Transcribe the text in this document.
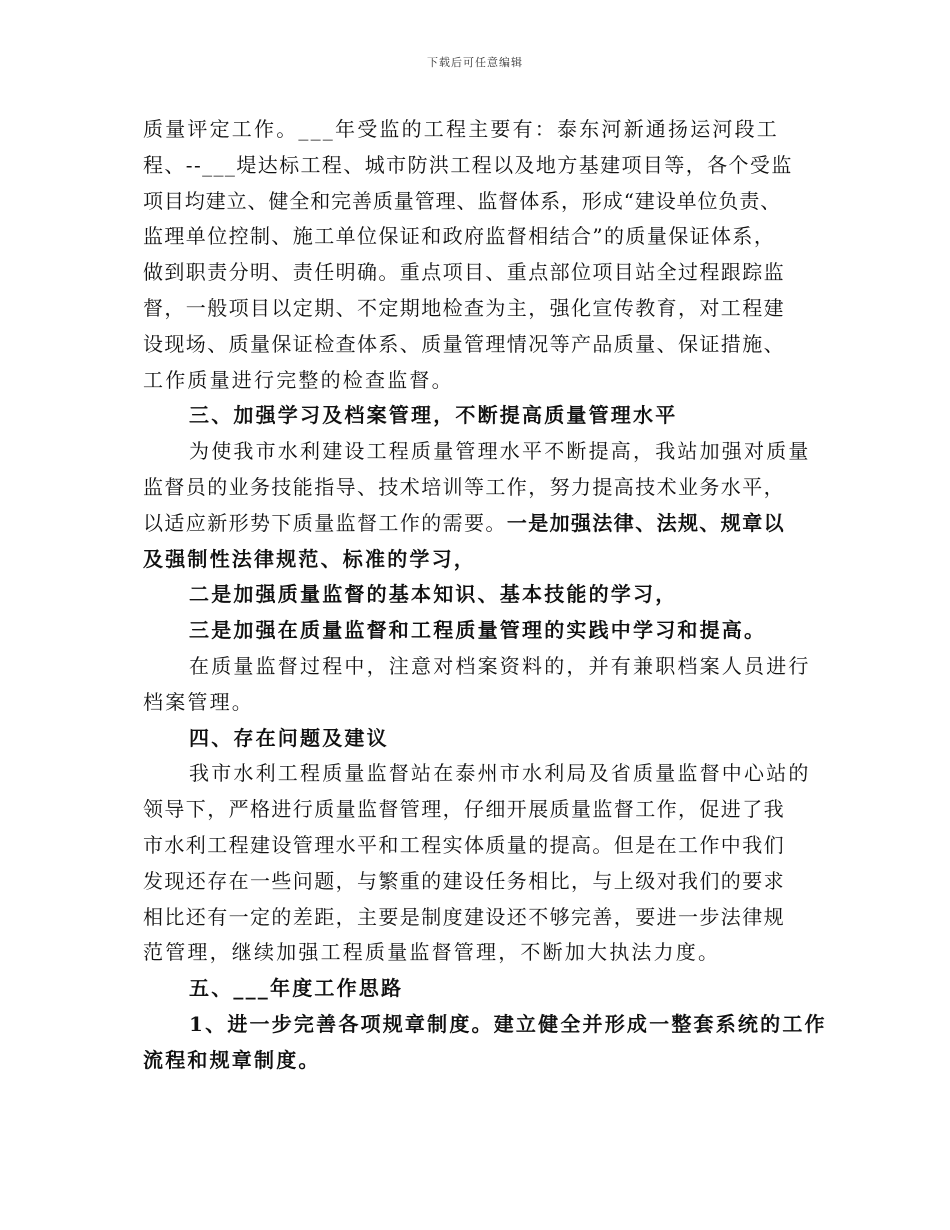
下载后可任意编辑
质量评定工作。___年受监的工程主要有：泰东河新通扬运河段工
程、--___堤达标工程、城市防洪工程以及地方基建项目等，各个受监
项目均建立、健全和完善质量管理、监督体系，形成“建设单位负责、
监理单位控制、施工单位保证和政府监督相结合”的质量保证体系，
做到职责分明、责任明确。重点项目、重点部位项目站全过程跟踪监
督，一般项目以定期、不定期地检查为主，强化宣传教育，对工程建
设现场、质量保证检查体系、质量管理情况等产品质量、保证措施、
工作质量进行完整的检查监督。
三、加强学习及档案管理，不断提高质量管理水平
为使我市水利建设工程质量管理水平不断提高，我站加强对质量
监督员的业务技能指导、技术培训等工作，努力提高技术业务水平，
以适应新形势下质量监督工作的需要。一是加强法律、法规、规章以
及强制性法律规范、标准的学习，
二是加强质量监督的基本知识、基本技能的学习，
三是加强在质量监督和工程质量管理的实践中学习和提高。
在质量监督过程中，注意对档案资料的，并有兼职档案人员进行
档案管理。
四、存在问题及建议
我市水利工程质量监督站在泰州市水利局及省质量监督中心站的
领导下，严格进行质量监督管理，仔细开展质量监督工作，促进了我
市水利工程建设管理水平和工程实体质量的提高。但是在工作中我们
发现还存在一些问题，与繁重的建设任务相比，与上级对我们的要求
相比还有一定的差距，主要是制度建设还不够完善，要进一步法律规
范管理，继续加强工程质量监督管理，不断加大执法力度。
五、___年度工作思路
1、进一步完善各项规章制度。建立健全并形成一整套系统的工作
流程和规章制度。
